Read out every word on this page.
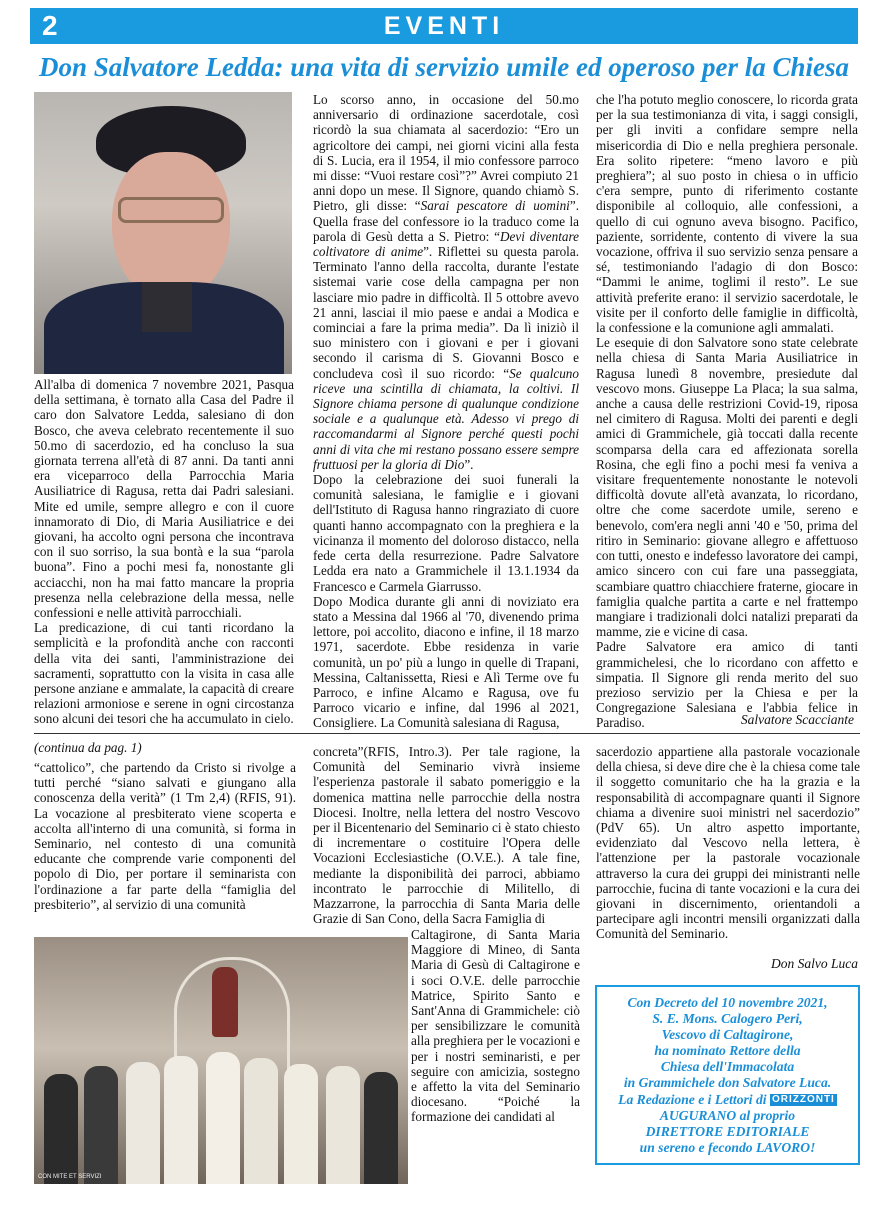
2	EVENTI
Don Salvatore Ledda: una vita di servizio umile ed operoso per la Chiesa

All'alba di domenica 7 novembre 2021, Pasqua della settimana, è tornato alla Casa del Padre il caro don Salvatore Ledda, salesiano di don Bosco, che aveva celebrato recentemente il suo 50.mo di sacerdozio, ed ha concluso la sua giornata terrena all'età di 87 anni. Da tanti anni era viceparroco della Parrocchia Maria Ausiliatrice di Ragusa, retta dai Padri salesiani. Mite ed umile, sempre allegro e con il cuore innamorato di Dio, di Maria Ausiliatrice e dei giovani, ha accolto ogni persona che incontrava con il suo sorriso, la sua bontà e la sua “parola buona”. Fino a pochi mesi fa, nonostante gli acciacchi, non ha mai fatto mancare la propria presenza nella celebrazione della messa, nelle confessioni e nelle attività parrocchiali.

La predicazione, di cui tanti ricordano la semplicità e la profondità anche con racconti della vita dei santi, l'amministrazione dei sacramenti, soprattutto con la visita in casa alle persone anziane e ammalate, la capacità di creare relazioni armoniose e serene in ogni circostanza sono alcuni dei tesori che ha accumulato in cielo.

Lo scorso anno, in occasione del 50.mo anniversario di ordinazione sacerdotale, così ricordò la sua chiamata al sacerdozio: “Ero un agricoltore dei campi, nei giorni vicini alla festa di S. Lucia, era il 1954, il mio confessore parroco mi disse: “Vuoi restare così”?” Avrei compiuto 21 anni dopo un mese. Il Signore, quando chiamò S. Pietro, gli disse: “Sarai pescatore di uomini”. Quella frase del confessore io la traduco come la parola di Gesù detta a S. Pietro: “Devi diventare coltivatore di anime”. Riflettei su questa parola. Terminato l'anno della raccolta, durante l'estate sistemai varie cose della campagna per non lasciare mio padre in difficoltà. Il 5 ottobre avevo 21 anni, lasciai il mio paese e andai a Modica e cominciai a fare la prima media”. Da lì iniziò il suo ministero con i giovani e per i giovani secondo il carisma di S. Giovanni Bosco e concludeva così il suo ricordo: “Se qualcuno riceve una scintilla di chiamata, la coltivi. Il Signore chiama persone di qualunque condizione sociale e a qualunque età. Adesso vi prego di raccomandarmi al Signore perché questi pochi anni di vita che mi restano possano essere sempre fruttuosi per la gloria di Dio”.

Dopo la celebrazione dei suoi funerali la comunità salesiana, le famiglie e i giovani dell'Istituto di Ragusa hanno ringraziato di cuore quanti hanno accompagnato con la preghiera e la vicinanza il momento del doloroso distacco, nella fede certa della resurrezione. Padre Salvatore Ledda era nato a Grammichele il 13.1.1934 da Francesco e Carmela Giarrusso.

Dopo Modica durante gli anni di noviziato era stato a Messina dal 1966 al '70, divenendo prima lettore, poi accolito, diacono e infine, il 18 marzo 1971, sacerdote. Ebbe residenza in varie comunità, un po' più a lungo in quelle di Trapani, Messina, Caltanissetta, Riesi e Alì Terme ove fu Parroco, e infine Alcamo e Ragusa, ove fu Parroco vicario e infine, dal 1996 al 2021, Consigliere. La Comunità salesiana di Ragusa,

che l'ha potuto meglio conoscere, lo ricorda grata per la sua testimonianza di vita, i saggi consigli, per gli inviti a confidare sempre nella misericordia di Dio e nella preghiera personale. Era solito ripetere: “meno lavoro e più preghiera”; al suo posto in chiesa o in ufficio c'era sempre, punto di riferimento costante disponibile al colloquio, alle confessioni, a quello di cui ognuno aveva bisogno. Pacifico, paziente, sorridente, contento di vivere la sua vocazione, offriva il suo servizio senza pensare a sé, testimoniando l'adagio di don Bosco: “Dammi le anime, toglimi il resto”. Le sue attività preferite erano: il servizio sacerdotale, le visite per il conforto delle famiglie in difficoltà, la confessione e la comunione agli ammalati.

Le esequie di don Salvatore sono state celebrate nella chiesa di Santa Maria Ausiliatrice in Ragusa lunedì 8 novembre, presiedute dal vescovo mons. Giuseppe La Placa; la sua salma, anche a causa delle restrizioni Covid-19, riposa nel cimitero di Ragusa. Molti dei parenti e degli amici di Grammichele, già toccati dalla recente scomparsa della cara ed affezionata sorella Rosina, che egli fino a pochi mesi fa veniva a visitare frequentemente nonostante le notevoli difficoltà dovute all'età avanzata, lo ricordano, oltre che come sacerdote umile, sereno e benevolo, com'era negli anni '40 e '50, prima del ritiro in Seminario: giovane allegro e affettuoso con tutti, onesto e indefesso lavoratore dei campi, amico sincero con cui fare una passeggiata, scambiare quattro chiacchiere fraterne, giocare in famiglia qualche partita a carte e nel frattempo mangiare i tradizionali dolci natalizi preparati da mamme, zie e vicine di casa.

Padre Salvatore era amico di tanti grammichelesi, che lo ricordano con affetto e simpatia. Il Signore gli renda merito del suo prezioso servizio per la Chiesa e per la Congregazione Salesiana e l'abbia felice in Paradiso.	Salvatore Scacciante

(continua da pag. 1)

“cattolico”, che partendo da Cristo si rivolge a tutti perché “siano salvati e giungano alla conoscenza della verità” (1 Tm 2,4) (RFIS, 91). La vocazione al presbiterato viene scoperta e accolta all'interno di una comunità, si forma in Seminario, nel contesto di una comunità educante che comprende varie componenti del popolo di Dio, per portare il seminarista con l'ordinazione a far parte della “famiglia del presbiterio”, al servizio di una comunità

concreta”(RFIS, Intro.3). Per tale ragione, la Comunità del Seminario vivrà insieme l'esperienza pastorale il sabato pomeriggio e la domenica mattina nelle parrocchie della nostra Diocesi. Inoltre, nella lettera del nostro Vescovo per il Bicentenario del Seminario ci è stato chiesto di incrementare o costituire l'Opera delle Vocazioni Ecclesiastiche (O.V.E.). A tale fine, mediante la disponibilità dei parroci, abbiamo incontrato le parrocchie di Militello, di Mazzarrone, la parrocchia di Santa Maria delle Grazie di San Cono, della Sacra Famiglia di

CON MITE ET SERVIZI

Caltagirone, di Santa Maria Maggiore di Mineo, di Santa Maria di Gesù di Caltagirone e i soci O.V.E. delle parrocchie Matrice, Spirito Santo e Sant'Anna di Grammichele: ciò per sensibilizzare le comunità alla preghiera per le vocazioni e per i nostri seminaristi, e per seguire con amicizia, sostegno e affetto la vita del Seminario diocesano. “Poiché la formazione dei candidati al

sacerdozio appartiene alla pastorale vocazionale della chiesa, si deve dire che è la chiesa come tale il soggetto comunitario che ha la grazia e la responsabilità di accompagnare quanti il Signore chiama a divenire suoi ministri nel sacerdozio” (PdV 65). Un altro aspetto importante, evidenziato dal Vescovo nella lettera, è l'attenzione per la pastorale vocazionale attraverso la cura dei gruppi dei ministranti nelle parrocchie, fucina di tante vocazioni e la cura dei giovani in discernimento, orientandoli a partecipare agli incontri mensili organizzati dalla Comunità del Seminario.

Don Salvo Luca

Con Decreto del 10 novembre 2021,
S. E. Mons. Calogero Peri,
Vescovo di Caltagirone,
ha nominato Rettore della
Chiesa dell'Immacolata
in Grammichele don Salvatore Luca.
La Redazione e i Lettori di ORIZZONTI
AUGURANO al proprio
DIRETTORE EDITORIALE
un sereno e fecondo LAVORO!
